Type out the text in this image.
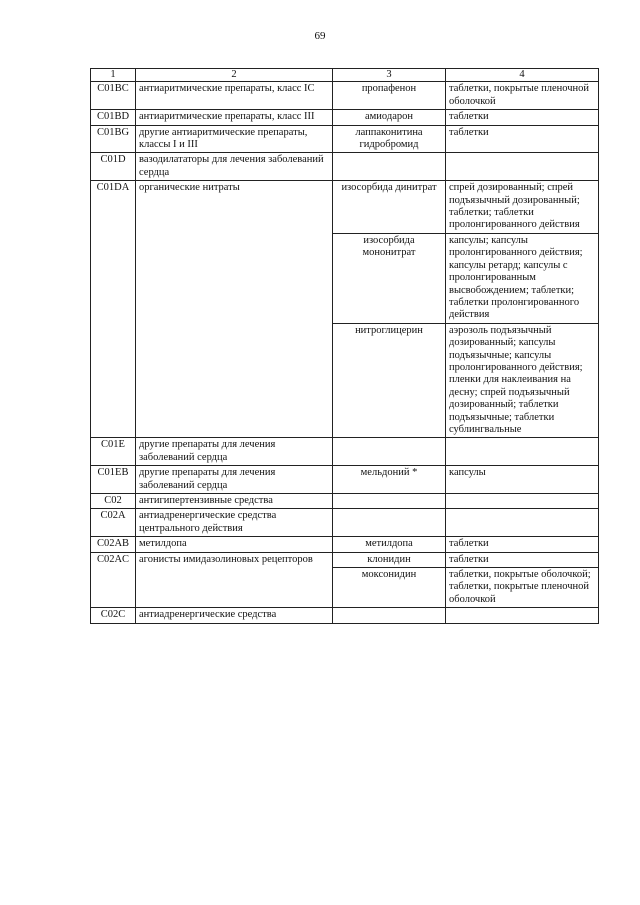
69
1	2	3	4
C01BC	антиаритмические препараты, класс IC	пропафенон	таблетки, покрытые пленочной оболочкой
C01BD	антиаритмические препараты, класс III	амиодарон	таблетки
C01BG	другие антиаритмические препараты, классы I и III	лаппаконитина гидробромид	таблетки
C01D	вазодилататоры для лечения заболеваний сердца		
C01DA	органические нитраты	изосорбида динитрат	спрей дозированный; спрей подъязычный дозированный; таблетки; таблетки пролонгированного действия
		изосорбида мононитрат	капсулы; капсулы пролонгированного действия; капсулы ретард; капсулы с пролонгированным высвобождением; таблетки; таблетки пролонгированного действия
		нитроглицерин	аэрозоль подъязычный дозированный; капсулы подъязычные; капсулы пролонгированного действия; пленки для наклеивания на десну; спрей подъязычный дозированный; таблетки подъязычные; таблетки сублингвальные
C01E	другие препараты для лечения заболеваний сердца		
C01EB	другие препараты для лечения заболеваний сердца	мельдоний *	капсулы
C02	антигипертензивные средства		
C02A	антиадренергические средства центрального действия		
C02AB	метилдопа	метилдопа	таблетки
C02AC	агонисты имидазолиновых рецепторов	клонидин	таблетки
		моксонидин	таблетки, покрытые оболочкой; таблетки, покрытые пленочной оболочкой
C02C	антиадренергические средства		
